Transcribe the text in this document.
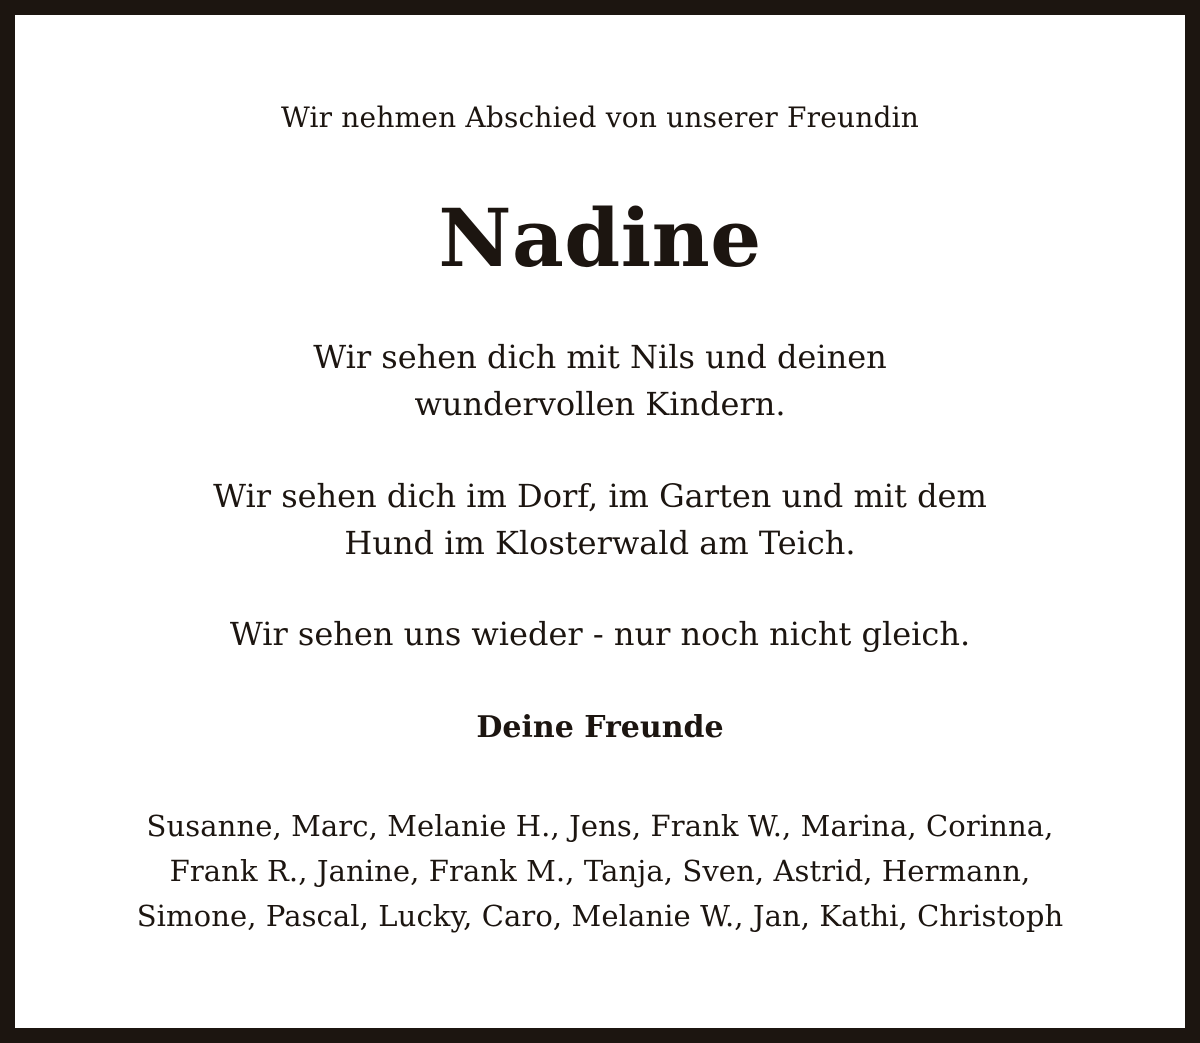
Wir nehmen Abschied von unserer Freundin

Nadine

Wir sehen dich mit Nils und deinen

wundervollen Kindern.

Wir sehen dich im Dorf, im Garten und mit dem

Hund im Klosterwald am Teich.

Wir sehen uns wieder - nur noch nicht gleich.

Deine Freunde

Susanne, Marc, Melanie H., Jens, Frank W., Marina, Corinna,

Frank R., Janine, Frank M., Tanja, Sven, Astrid, Hermann,

Simone, Pascal, Lucky, Caro, Melanie W., Jan, Kathi, Christoph
